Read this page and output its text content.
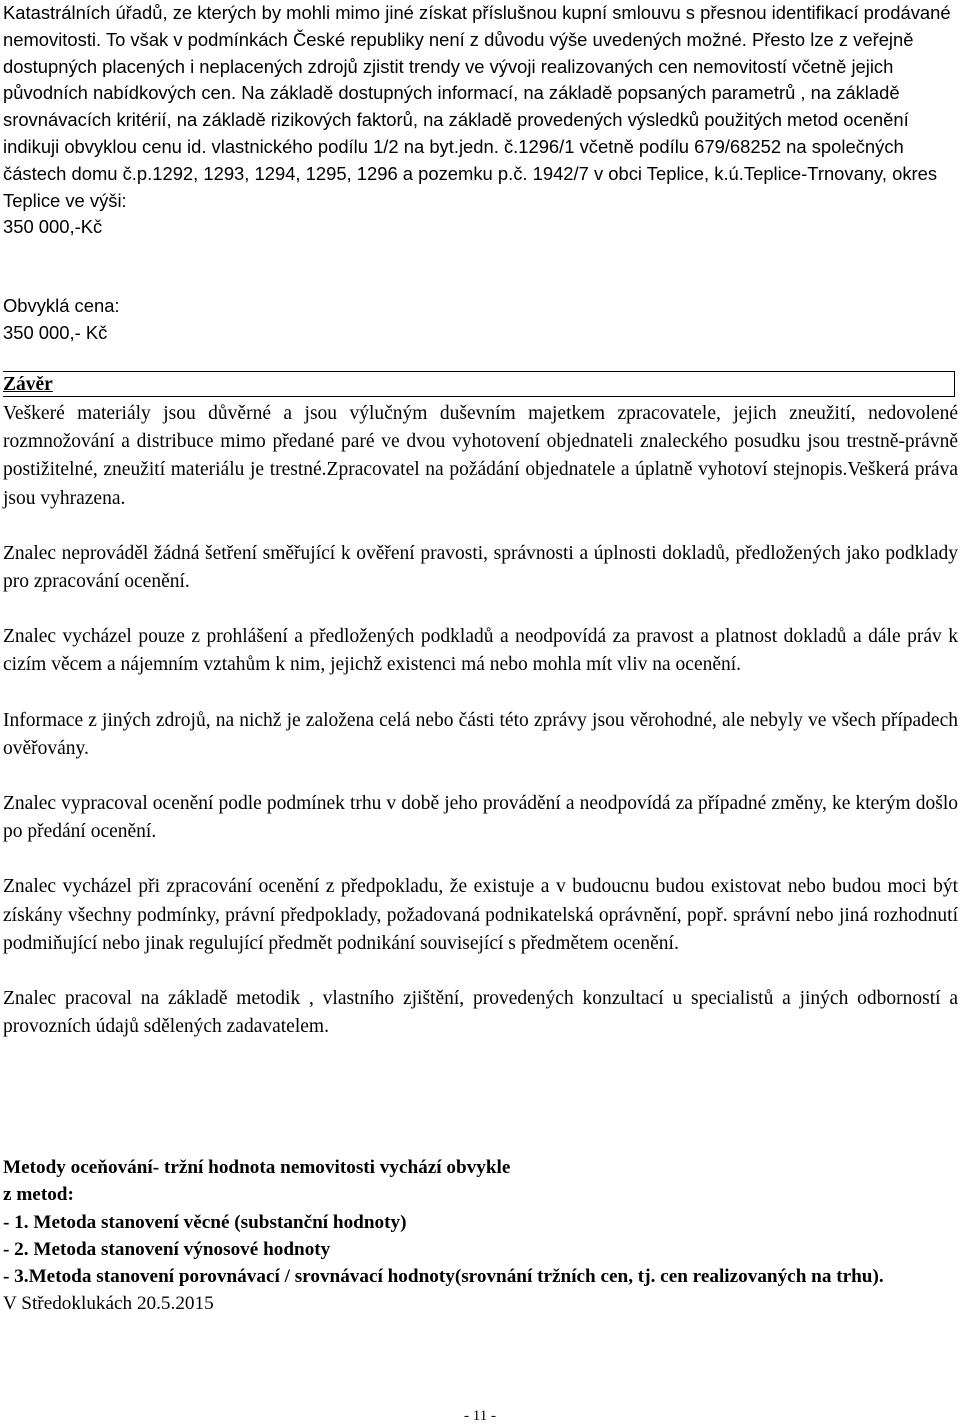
Katastrálních úřadů, ze kterých by mohli mimo jiné získat příslušnou kupní smlouvu s přesnou identifikací prodávané nemovitosti. To však v podmínkách České republiky není z důvodu výše uvedených možné. Přesto lze z veřejně dostupných placených i neplacených zdrojů zjistit trendy ve vývoji realizovaných cen nemovitostí včetně jejich původních nabídkových cen. Na základě dostupných informací, na základě popsaných parametrů , na základě srovnávacích kritérií, na základě rizikových faktorů, na základě provedených výsledků použitých metod ocenění indikuji obvyklou cenu id. vlastnického podílu 1/2 na byt.jedn. č.1296/1 včetně podílu 679/68252 na společných částech domu č.p.1292, 1293, 1294, 1295, 1296 a pozemku p.č. 1942/7 v obci Teplice, k.ú.Teplice-Trnovany, okres Teplice ve výši:

350 000,-Kč

Obvyklá cena:

350 000,- Kč

Závěr

Veškeré materiály jsou důvěrné a jsou výlučným duševním majetkem zpracovatele, jejich zneužití, nedovolené rozmnožování a distribuce mimo předané paré ve dvou vyhotovení objednateli znaleckého posudku jsou trestně-právně postižitelné, zneužití materiálu je trestné.Zpracovatel na požádání objednatele a úplatně vyhotoví stejnopis.Veškerá práva jsou vyhrazena.

Znalec neprováděl žádná šetření směřující k ověření pravosti, správnosti a úplnosti dokladů, předložených jako podklady pro zpracování ocenění.

Znalec vycházel pouze z prohlášení a předložených podkladů a neodpovídá za pravost a platnost dokladů a dále práv k cizím věcem a nájemním vztahům k nim, jejichž existenci má nebo mohla mít vliv na ocenění.

Informace z jiných zdrojů, na nichž je založena celá nebo části této zprávy jsou věrohodné, ale nebyly ve všech případech ověřovány.

Znalec vypracoval ocenění podle podmínek trhu v době jeho provádění a neodpovídá za případné změny, ke kterým došlo po předání ocenění.

Znalec vycházel při zpracování ocenění z předpokladu, že existuje a v budoucnu budou existovat nebo budou moci být získány všechny podmínky, právní předpoklady, požadovaná podnikatelská oprávnění, popř. správní nebo jiná rozhodnutí podmiňující nebo jinak regulující předmět podnikání související s předmětem ocenění.

Znalec pracoval na základě metodik , vlastního zjištění, provedených konzultací u specialistů a jiných odborností a provozních údajů sdělených zadavatelem.

Metody oceňování- tržní hodnota nemovitosti vychází obvykle

z metod:

- 1. Metoda stanovení věcné (substanční hodnoty)

- 2. Metoda stanovení výnosové hodnoty

- 3.Metoda stanovení porovnávací / srovnávací hodnoty(srovnání tržních cen, tj. cen realizovaných na trhu).

V Středoklukách 20.5.2015

- 11 -
